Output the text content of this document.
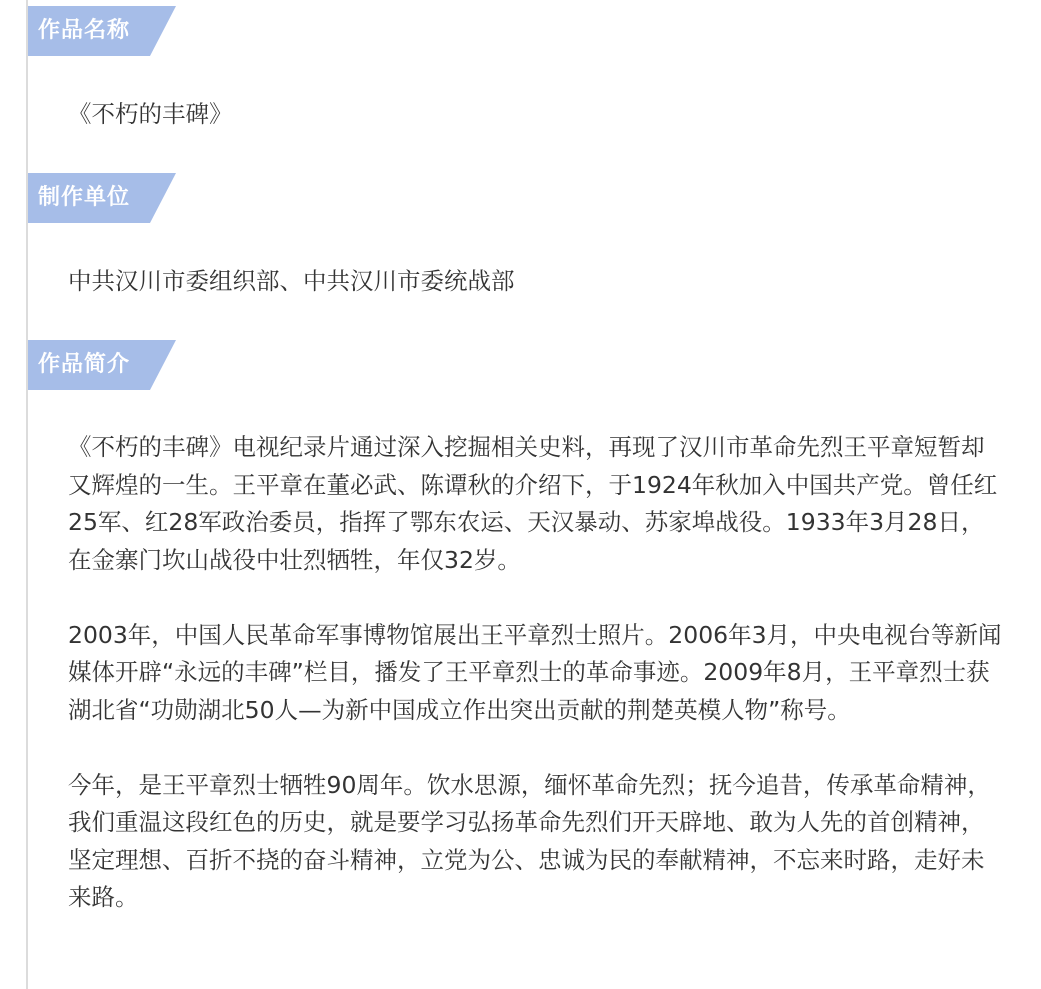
作品名称

《不朽的丰碑》

制作单位

中共汉川市委组织部、中共汉川市委统战部

作品简介

《不朽的丰碑》电视纪录片通过深入挖掘相关史料，再现了汉川市革命先烈王平章短暂却又辉煌的一生。王平章在董必武、陈谭秋的介绍下，于1924年秋加入中国共产党。曾任红25军、红28军政治委员，指挥了鄂东农运、天汉暴动、苏家埠战役。1933年3月28日，在金寨门坎山战役中壮烈牺牲，年仅32岁。

2003年，中国人民革命军事博物馆展出王平章烈士照片。2006年3月，中央电视台等新闻媒体开辟“永远的丰碑”栏目，播发了王平章烈士的革命事迹。2009年8月，王平章烈士获湖北省“功勋湖北50人—为新中国成立作出突出贡献的荆楚英模人物”称号。

今年，是王平章烈士牺牲90周年。饮水思源，缅怀革命先烈；抚今追昔，传承革命精神，我们重温这段红色的历史，就是要学习弘扬革命先烈们开天辟地、敢为人先的首创精神，坚定理想、百折不挠的奋斗精神，立党为公、忠诚为民的奉献精神，不忘来时路，走好未来路。
